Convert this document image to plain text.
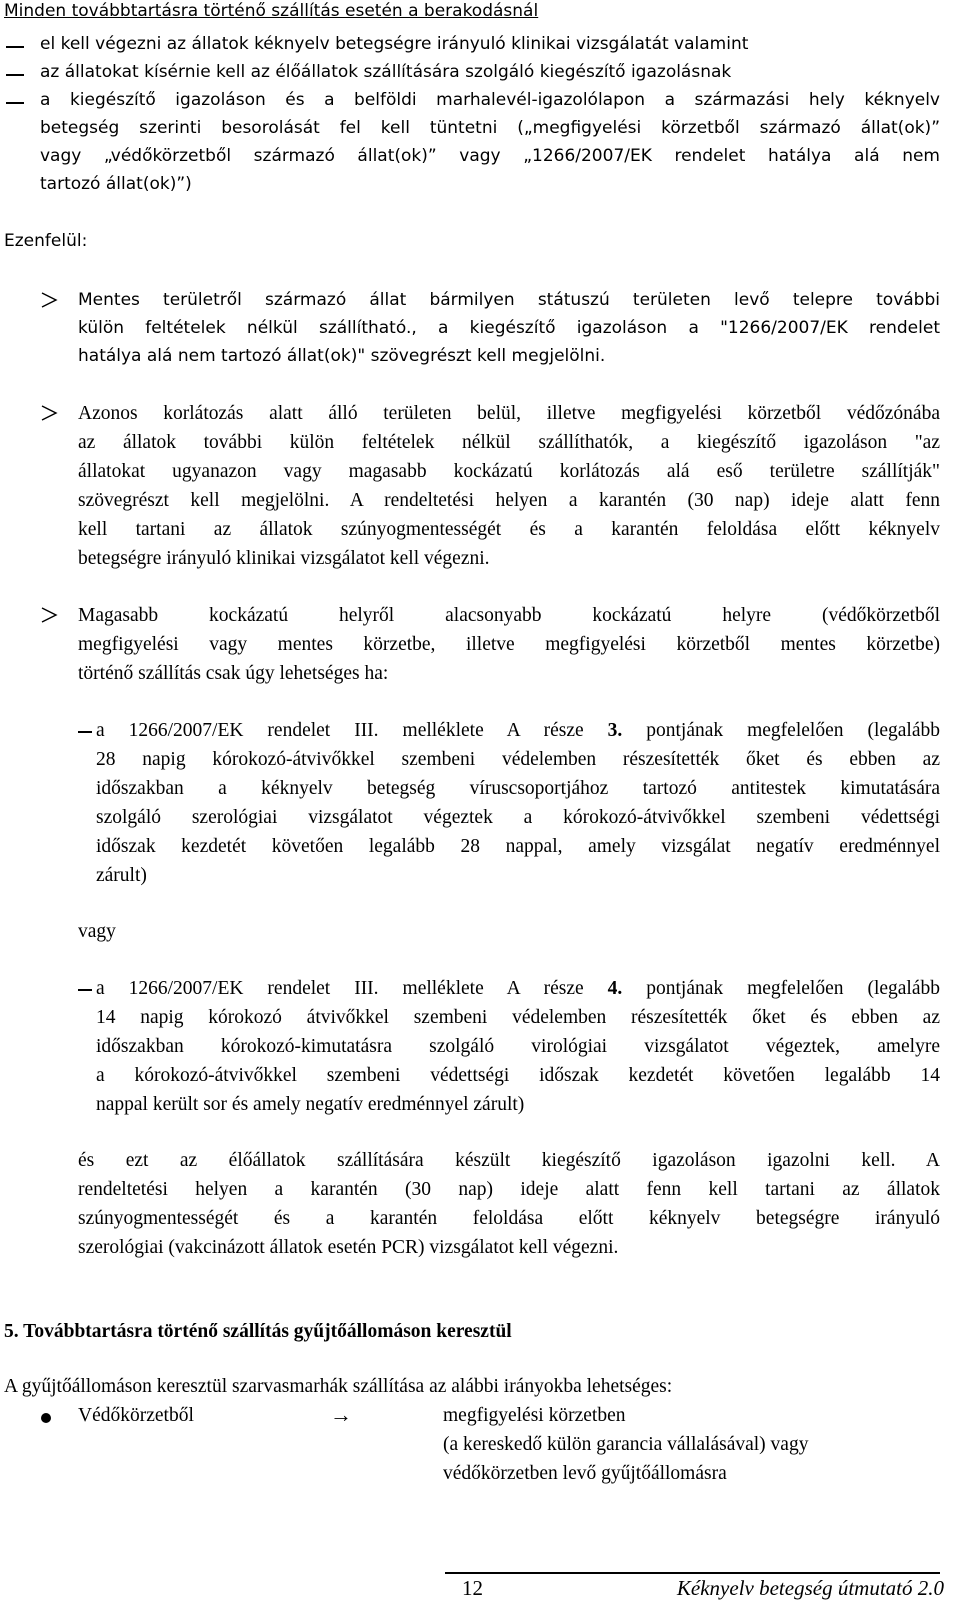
Minden továbbtartásra történő szállítás esetén a berakodásnál
el kell végezni az állatok kéknyelv betegségre irányuló klinikai vizsgálatát valamint
az állatokat kísérnie kell az élőállatok szállítására szolgáló kiegészítő igazolásnak
a kiegészítő igazoláson és a belföldi marhalevél-igazolólapon a származási hely kéknyelv
betegség szerinti besorolását fel kell tüntetni („megfigyelési körzetből származó állat(ok)”
vagy „védőkörzetből származó állat(ok)” vagy „1266/2007/EK rendelet hatálya alá nem
tartozó állat(ok)”)
Ezenfelül:
Mentes területről származó állat bármilyen státuszú területen levő telepre további
külön feltételek nélkül szállítható., a kiegészítő igazoláson a "1266/2007/EK rendelet
hatálya alá nem tartozó állat(ok)" szövegrészt kell megjelölni.
Azonos korlátozás alatt álló területen belül, illetve megfigyelési körzetből védőzónába
az állatok további külön feltételek nélkül szállíthatók, a kiegészítő igazoláson "az
állatokat ugyanazon vagy magasabb kockázatú korlátozás alá eső területre szállítják"
szövegrészt kell megjelölni. A rendeltetési helyen a karantén (30 nap) ideje alatt fenn
kell tartani az állatok szúnyogmentességét és a karantén feloldása előtt kéknyelv
betegségre irányuló klinikai vizsgálatot kell végezni.
Magasabb kockázatú helyről alacsonyabb kockázatú helyre (védőkörzetből
megfigyelési vagy mentes körzetbe, illetve megfigyelési körzetből mentes körzetbe)
történő szállítás csak úgy lehetséges ha:
a 1266/2007/EK rendelet III. melléklete A része 3. pontjának megfelelően (legalább
28 napig kórokozó-átvivőkkel szembeni védelemben részesítették őket és ebben az
időszakban a kéknyelv betegség víruscsoportjához tartozó antitestek kimutatására
szolgáló szerológiai vizsgálatot végeztek a kórokozó-átvivőkkel szembeni védettségi
időszak kezdetét követően legalább 28 nappal, amely vizsgálat negatív eredménnyel
zárult)
vagy
a 1266/2007/EK rendelet III. melléklete A része 4. pontjának megfelelően (legalább
14 napig kórokozó átvivőkkel szembeni védelemben részesítették őket és ebben az
időszakban kórokozó-kimutatásra szolgáló virológiai vizsgálatot végeztek, amelyre
a kórokozó-átvivőkkel szembeni védettségi időszak kezdetét követően legalább 14
nappal került sor és amely negatív eredménnyel zárult)
és ezt az élőállatok szállítására készült kiegészítő igazoláson igazolni kell. A
rendeltetési helyen a karantén (30 nap) ideje alatt fenn kell tartani az állatok
szúnyogmentességét és a karantén feloldása előtt kéknyelv betegségre irányuló
szerológiai (vakcinázott állatok esetén PCR) vizsgálatot kell végezni.
5. Továbbtartásra történő szállítás gyűjtőállomáson keresztül
A gyűjtőállomáson keresztül szarvasmarhák szállítása az alábbi irányokba lehetséges:
Védőkörzetből	→	megfigyelési körzetben
(a kereskedő külön garancia vállalásával) vagy
védőkörzetben levő gyűjtőállomásra
12	Kéknyelv betegség útmutató 2.0
